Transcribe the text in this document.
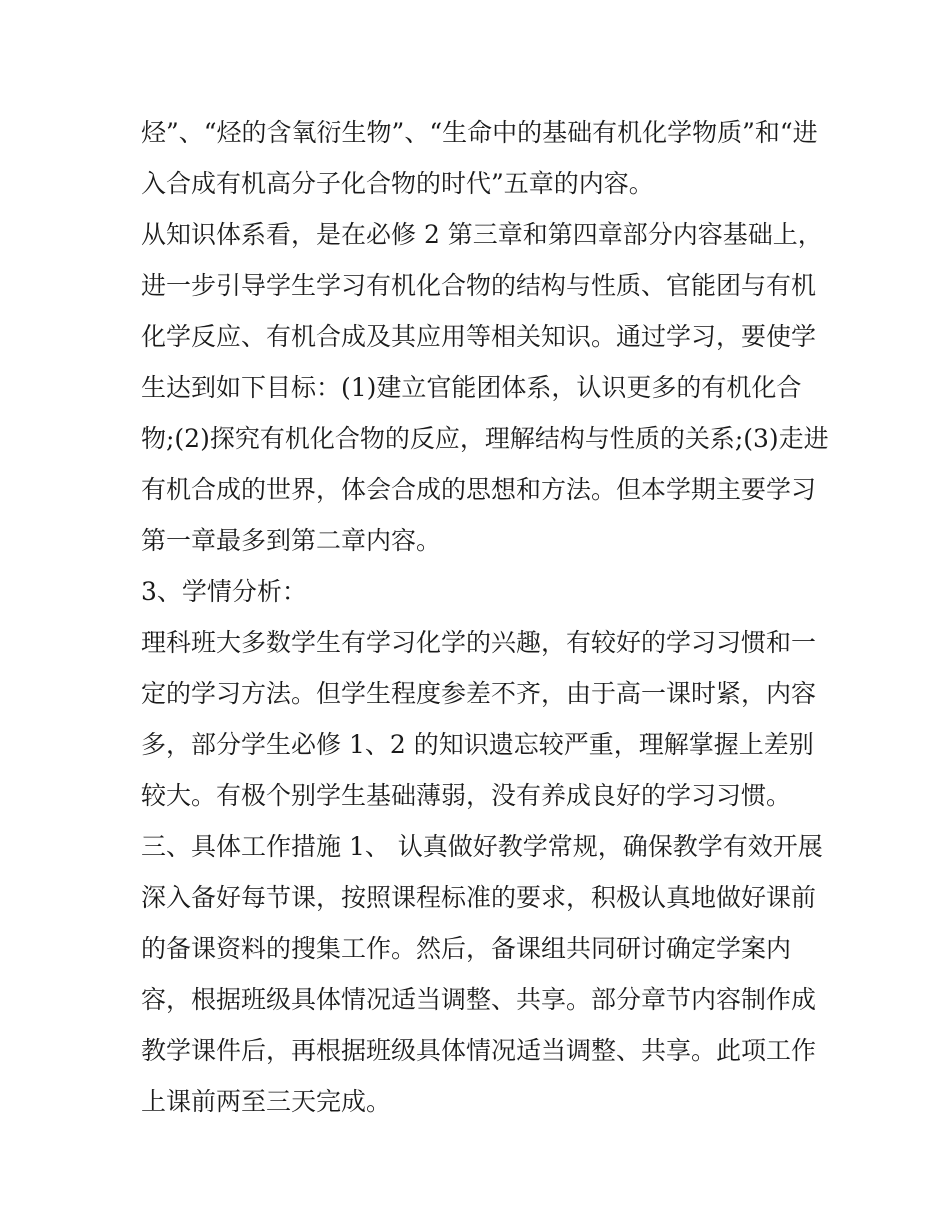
烃”、“烃的含氧衍生物”、“生命中的基础有机化学物质”和“进
入合成有机高分子化合物的时代”五章的内容。
从知识体系看，是在必修 2 第三章和第四章部分内容基础上，
进一步引导学生学习有机化合物的结构与性质、官能团与有机
化学反应、有机合成及其应用等相关知识。通过学习，要使学
生达到如下目标：(1)建立官能团体系，认识更多的有机化合
物;(2)探究有机化合物的反应，理解结构与性质的关系;(3)走进
有机合成的世界，体会合成的思想和方法。但本学期主要学习
第一章最多到第二章内容。
3、学情分析：
理科班大多数学生有学习化学的兴趣，有较好的学习习惯和一
定的学习方法。但学生程度参差不齐，由于高一课时紧，内容
多，部分学生必修 1、2 的知识遗忘较严重，理解掌握上差别
较大。有极个别学生基础薄弱，没有养成良好的学习习惯。
三、具体工作措施 1、 认真做好教学常规，确保教学有效开展
深入备好每节课，按照课程标准的要求，积极认真地做好课前
的备课资料的搜集工作。然后，备课组共同研讨确定学案内
容，根据班级具体情况适当调整、共享。部分章节内容制作成
教学课件后，再根据班级具体情况适当调整、共享。此项工作
上课前两至三天完成。
